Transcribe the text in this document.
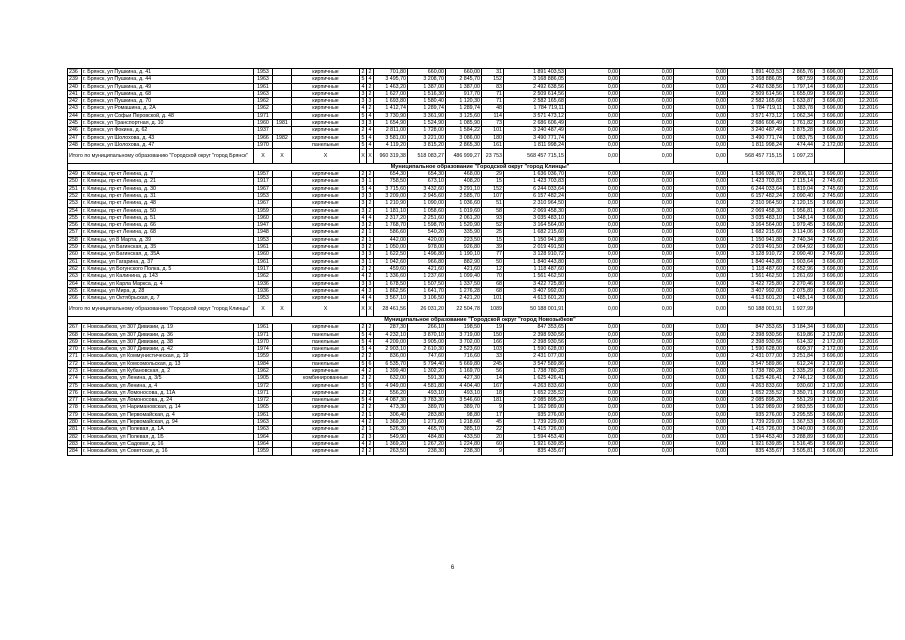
236	г. Брянск, ул Пушкина, д. 41	1953		кирпичные	2	2	701,80	660,00	660,00	31	1 891 403,53	0,00	0,00	0,00	1 891 403,53	2 865,76	3 696,00	12.2016
239	г. Брянск, ул Пушкина, д. 44	1963		кирпичные	5	4	3 495,70	3 208,70	2 845,70	152	3 168 886,05	0,00	0,00	0,00	3 168 886,05	987,59	3 696,00	12.2016
240	г. Брянск, ул Пушкина, д. 49	1961		кирпичные	4	2	1 463,20	1 387,00	1 387,00	83	2 492 638,56	0,00	0,00	0,00	2 492 638,56	1 797,14	3 696,00	12.2016
241	г. Брянск, ул Пушкина, д. 68	1963		кирпичные	3	2	1 627,00	1 516,30	917,70	71	2 509 614,56	0,00	0,00	0,00	2 509 614,56	1 655,09	3 696,00	12.2016
242	г. Брянск, ул Пушкина, д. 70	1962		кирпичные	3	3	1 693,80	1 580,40	1 120,30	71	2 582 165,68	0,00	0,00	0,00	2 582 165,68	1 633,87	3 696,00	12.2016
243	г. Брянск, ул Ромашина, д. 2А	1962		кирпичные	4	2	1 412,74	1 289,74	1 289,74	48	1 784 719,11	0,00	0,00	0,00	1 784 719,11	1 383,78	3 696,00	12.2016
244	г. Брянск, ул Софьи Перовской, д. 48	1971		кирпичные	5	4	3 730,90	3 361,90	3 125,60	114	3 571 473,12	0,00	0,00	0,00	3 571 473,12	1 062,34	3 696,00	12.2016
245	г. Брянск, ул Транспортная, д. 10	1960	1981	кирпичные	3	3	1 654,90	1 524,90	1 085,90	73	2 686 606,49	0,00	0,00	0,00	2 686 606,49	1 761,82	3 696,00	12.2016
246	г. Брянск, ул Фокина, д. 62	1937		кирпичные	2	4	2 811,00	1 728,00	1 584,22	101	3 240 487,49	0,00	0,00	0,00	3 240 487,49	1 875,28	3 696,00	12.2016
247	г. Брянск, ул Шолохова, д. 43	1966	1982	кирпичные	5	4	3 581,00	3 221,00	3 086,00	180	3 490 771,74	0,00	0,00	0,00	3 490 771,74	1 083,75	3 696,00	12.2016
248	г. Брянск, ул Шолохова, д. 47	1970		панельные	5	4	4 119,20	3 815,20	2 865,30	161	1 811 998,24	0,00	0,00	0,00	1 811 998,24	474,44	2 172,00	12.2016
Итого по муниципальному образованию "Городской округ "город Брянск"		X	X	X	X	X	960 319,38	518 083,27	486 999,27	23 753	568 457 715,15	0,00	0,00	0,00	568 457 715,15	1 097,23		
Муниципальное образование "Городской округ "город Клинцы"																		
249	г. Клинцы, пр-кт Ленина, д. 7	1957		кирпичные	2	2	654,30	654,30	468,00	29	1 636 036,70	0,00	0,00	0,00	1 636 036,70	2 806,11	3 696,00	12.2016
250	г. Клинцы, пр-кт Ленина, д. 21	1917		кирпичные	3	1	758,50	673,10	408,20	15	1 423 703,83	0,00	0,00	0,00	1 423 703,83	2 115,14	2 745,60	12.2016
251	г. Клинцы, пр-кт Ленина, д. 30	1967		кирпичные	5	4	3 715,60	3 432,60	3 291,10	152	6 244 033,64	0,00	0,00	0,00	6 244 033,64	1 819,04	2 745,60	12.2016
252	г. Клинцы, пр-кт Ленина, д. 31	1953		кирпичные	3	3	3 209,00	2 945,60	2 585,70	107	6 157 482,24	0,00	0,00	0,00	6 157 482,24	2 090,40	2 745,60	12.2016
253	г. Клинцы, пр-кт Ленина, д. 48	1967		кирпичные	3	2	1 210,90	1 090,00	1 036,60	51	2 310 964,50	0,00	0,00	0,00	2 310 964,50	2 120,15	3 696,00	12.2016
254	г. Клинцы, пр-кт Ленина, д. 50	1959		кирпичные	3	2	1 181,10	1 058,60	1 019,60	58	2 069 458,30	0,00	0,00	0,00	2 069 458,30	1 956,81	3 696,00	12.2016
255	г. Клинцы, пр-кт Ленина, д. 51	1960		кирпичные	4	4	2 317,20	2 251,60	2 061,20	93	3 035 483,10	0,00	0,00	0,00	3 035 483,10	1 348,14	3 696,00	12.2016
256	г. Клинцы, пр-кт Ленина, д. 66	1947		кирпичные	3	2	1 768,70	1 598,70	1 520,90	52	3 164 564,00	0,00	0,00	0,00	3 164 564,00	1 979,45	3 696,00	12.2016
257	г. Клинцы, пр-кт Ленина, д. 68	1948		кирпичные	2	1	586,60	540,20	335,90	25	1 682 215,60	0,00	0,00	0,00	1 682 215,60	3 114,06	3 696,00	12.2016
258	г. Клинцы, ул 8 Марта, д. 39	1953		кирпичные	2	1	442,00	420,00	223,50	15	1 150 941,88	0,00	0,00	0,00	1 150 941,88	2 740,34	2 745,60	12.2016
259	г. Клинцы, ул Багинская, д. 35	1961		кирпичные	3	2	1 050,00	978,00	926,80	39	2 019 491,50	0,00	0,00	0,00	2 019 491,50	2 064,92	3 696,00	12.2016
260	г. Клинцы, ул Багинская, д. 35А	1960		кирпичные	3	3	1 622,50	1 496,80	1 190,10	77	3 128 910,72	0,00	0,00	0,00	3 128 910,72	2 090,40	2 745,60	12.2016
261	г. Клинцы, ул Гагарина, д. 37	1961		кирпичные	3	1	1 042,60	966,80	882,90	50	1 840 443,80	0,00	0,00	0,00	1 840 443,80	1 903,64	3 696,00	12.2016
262	г. Клинцы, ул Богунского Полка, д. 5	1917		кирпичные	2	2	459,60	421,60	421,60	12	1 118 487,60	0,00	0,00	0,00	1 118 487,60	2 652,96	3 696,00	12.2016
263	г. Клинцы, ул Калинина, д. 143	1962		кирпичные	4	2	1 336,60	1 237,60	1 099,40	70	1 561 462,50	0,00	0,00	0,00	1 561 462,50	1 261,69	3 696,00	12.2016
264	г. Клинцы, ул Карла Маркса, д. 4	1936		кирпичные	3	3	1 678,50	1 507,50	1 337,50	68	3 422 725,80	0,00	0,00	0,00	3 422 725,80	2 270,46	3 696,00	12.2016
265	г. Клинцы, ул Мира, д. 28	1936		кирпичные	4	3	1 862,56	1 641,70	1 276,28	68	3 407 992,00	0,00	0,00	0,00	3 407 992,00	2 075,89	3 696,00	12.2016
266	г. Клинцы, ул Октябрьская, д. 7	1953		кирпичные	4	4	3 567,10	3 106,50	2 421,20	101	4 613 601,20	0,00	0,00	0,00	4 613 601,20	1 485,14	3 696,00	12.2016
Итого по муниципальному образованию "Городской округ "город Клинцы"		X	X	X	X	X	28 461,56	26 031,20	22 504,78	1089	50 188 001,91	0,00	0,00	0,00	50 188 001,91	1 927,99		
Муниципальное образование "Городской округ "город Новозыбков"																		
267	г. Новозыбков, ул 307 Дивизии, д. 19	1961		кирпичные	2	2	287,30	266,10	198,50	19	847 353,65	0,00	0,00	0,00	847 353,65	3 184,34	3 696,00	12.2016
268	г. Новозыбков, ул 307 Дивизии, д. 36	1971		панельные	5	4	4 232,10	3 870,10	3 719,00	150	2 398 930,56	0,00	0,00	0,00	2 398 930,56	619,86	2 172,00	12.2016
269	г. Новозыбков, ул 307 Дивизии, д. 38	1970		панельные	5	4	4 209,00	3 905,00	3 702,00	166	2 398 930,56	0,00	0,00	0,00	2 398 930,56	614,32	2 172,00	12.2016
270	г. Новозыбков, ул 307 Дивизии, д. 42	1974		панельные	5	4	2 903,10	2 610,30	2 523,60	103	1 590 628,00	0,00	0,00	0,00	1 590 628,00	609,37	2 172,00	12.2016
271	г. Новозыбков, ул Коммунистическая, д. 19	1959		кирпичные	2	2	836,00	747,60	716,60	33	2 431 077,00	0,00	0,00	0,00	2 431 077,00	3 251,84	3 696,00	12.2016
272	г. Новозыбков, ул Комсомольская, д. 13	1984		панельные	5	6	6 535,70	5 794,40	5 669,80	245	3 547 589,86	0,00	0,00	0,00	3 547 589,86	612,24	2 172,00	12.2016
273	г. Новозыбков, ул Кубановская, д. 2	1962		кирпичные	4	2	1 399,40	1 302,20	1 169,70	56	1 738 780,28	0,00	0,00	0,00	1 738 780,28	1 335,29	3 696,00	12.2016
274	г. Новозыбков, ул Ленина, д. 3/5	1905		комбинированные	2	2	632,00	591,30	427,30	14	1 625 426,41	0,00	0,00	0,00	1 625 426,41	2 746,12	3 696,00	12.2016
275	г. Новозыбков, ул Ленина, д. 4	1972		кирпичные	5	6	4 949,00	4 581,80	4 404,40	167	4 263 833,60	0,00	0,00	0,00	4 263 833,60	930,60	2 172,00	12.2016
276	г. Новозыбков, ул Ломоносова, д. 11А	1971		кирпичные	2	2	556,20	493,10	493,10	18	1 652 235,52	0,00	0,00	0,00	1 652 235,52	3 350,71	3 696,00	12.2016
277	г. Новозыбков, ул Ломоносова, д. 24	1972		панельные	5	4	4 087,30	3 783,30	3 546,60	181	2 085 895,20	0,00	0,00	0,00	2 085 895,20	551,29	2 172,00	12.2016
278	г. Новозыбков, ул Наримановская, д. 14	1965		кирпичные	2	2	473,30	389,70	389,70	9	1 162 989,00	0,00	0,00	0,00	1 162 989,00	2 983,55	3 696,00	12.2016
279	г. Новозыбков, ул Первомайская, д. 4	1961		кирпичные	2	1	306,40	283,80	98,80	17	935 276,00	0,00	0,00	0,00	935 276,00	3 295,55	3 696,00	12.2016
280	г. Новозыбков, ул Первомайская, д. 94	1963		кирпичные	4	2	1 369,20	1 271,60	1 218,60	45	1 739 229,00	0,00	0,00	0,00	1 739 229,00	1 367,53	3 696,00	12.2016
281	г. Новозыбков, ул Полевая, д. 1А	1963		кирпичные	2	1	526,30	465,70	385,10	22	1 415 726,00	0,00	0,00	0,00	1 415 726,00	3 040,00	3 696,00	12.2016
282	г. Новозыбков, ул Полевая, д. 1Б	1964		кирпичные	2	3	549,90	484,80	433,50	20	1 594 453,40	0,00	0,00	0,00	1 594 453,40	3 288,89	3 696,00	12.2016
283	г. Новозыбков, ул Садовая, д. 16	1964		кирпичные	4	2	1 369,20	1 267,20	1 224,80	60	1 921 639,85	0,00	0,00	0,00	1 921 639,85	1 516,45	3 696,00	12.2016
284	г. Новозыбков, ул Советская, д. 16	1959		кирпичные	2	2	263,50	238,30	238,30	9	835 435,67	0,00	0,00	0,00	835 435,67	3 505,81	3 696,00	12.2016
6
